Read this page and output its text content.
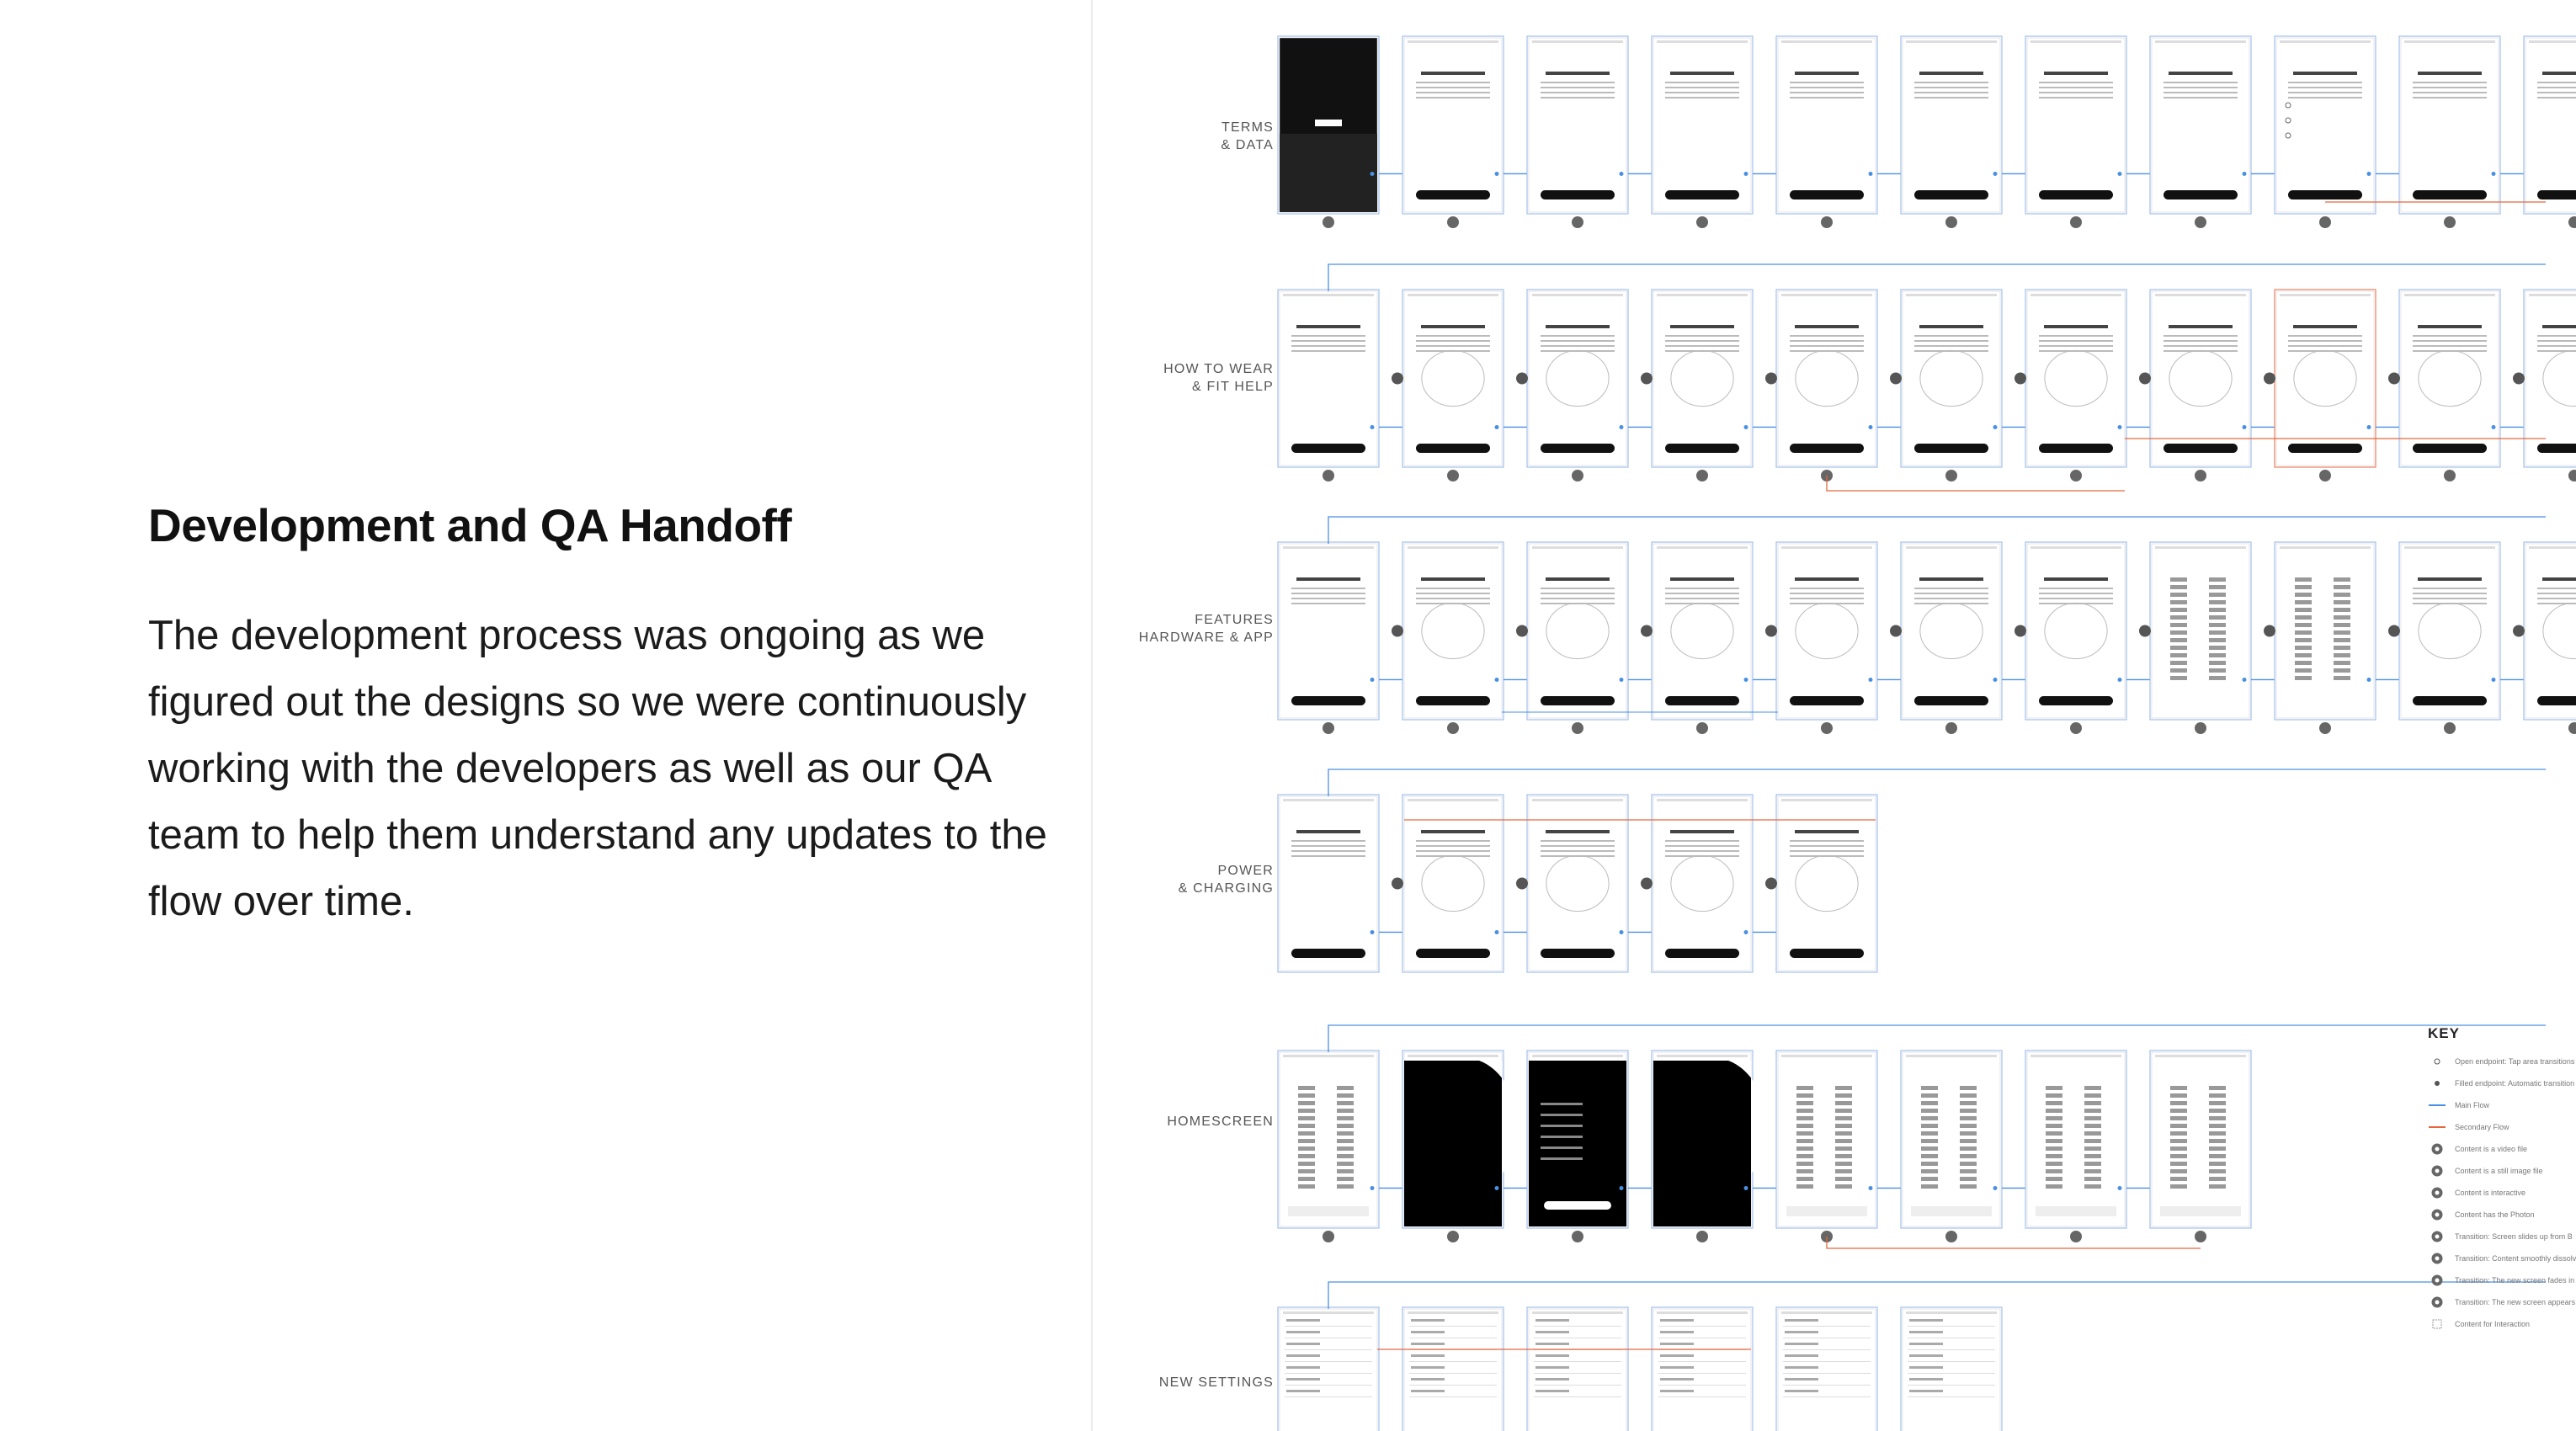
Development and QA Handoff
The development process was ongoing as we figured out the designs so we were continuously working with the developers as well as our QA team to help them understand any updates to the flow over time.
TERMS
& DATA
HOW TO WEAR
& FIT HELP
FEATURES
HARDWARE & APP
POWER
& CHARGING
HOMESCREEN
NEW SETTINGS
KEY
Open endpoint: Tap area transitions
Filled endpoint: Automatic transition
Main Flow
Secondary Flow
Content is a video file
Content is a still image file
Content is interactive
Content has the Photon
Transition: Screen slides up from B
Transition: Content smoothly dissolv
Transition: The new screen fades in
Transition: The new screen appears
Content for Interaction
